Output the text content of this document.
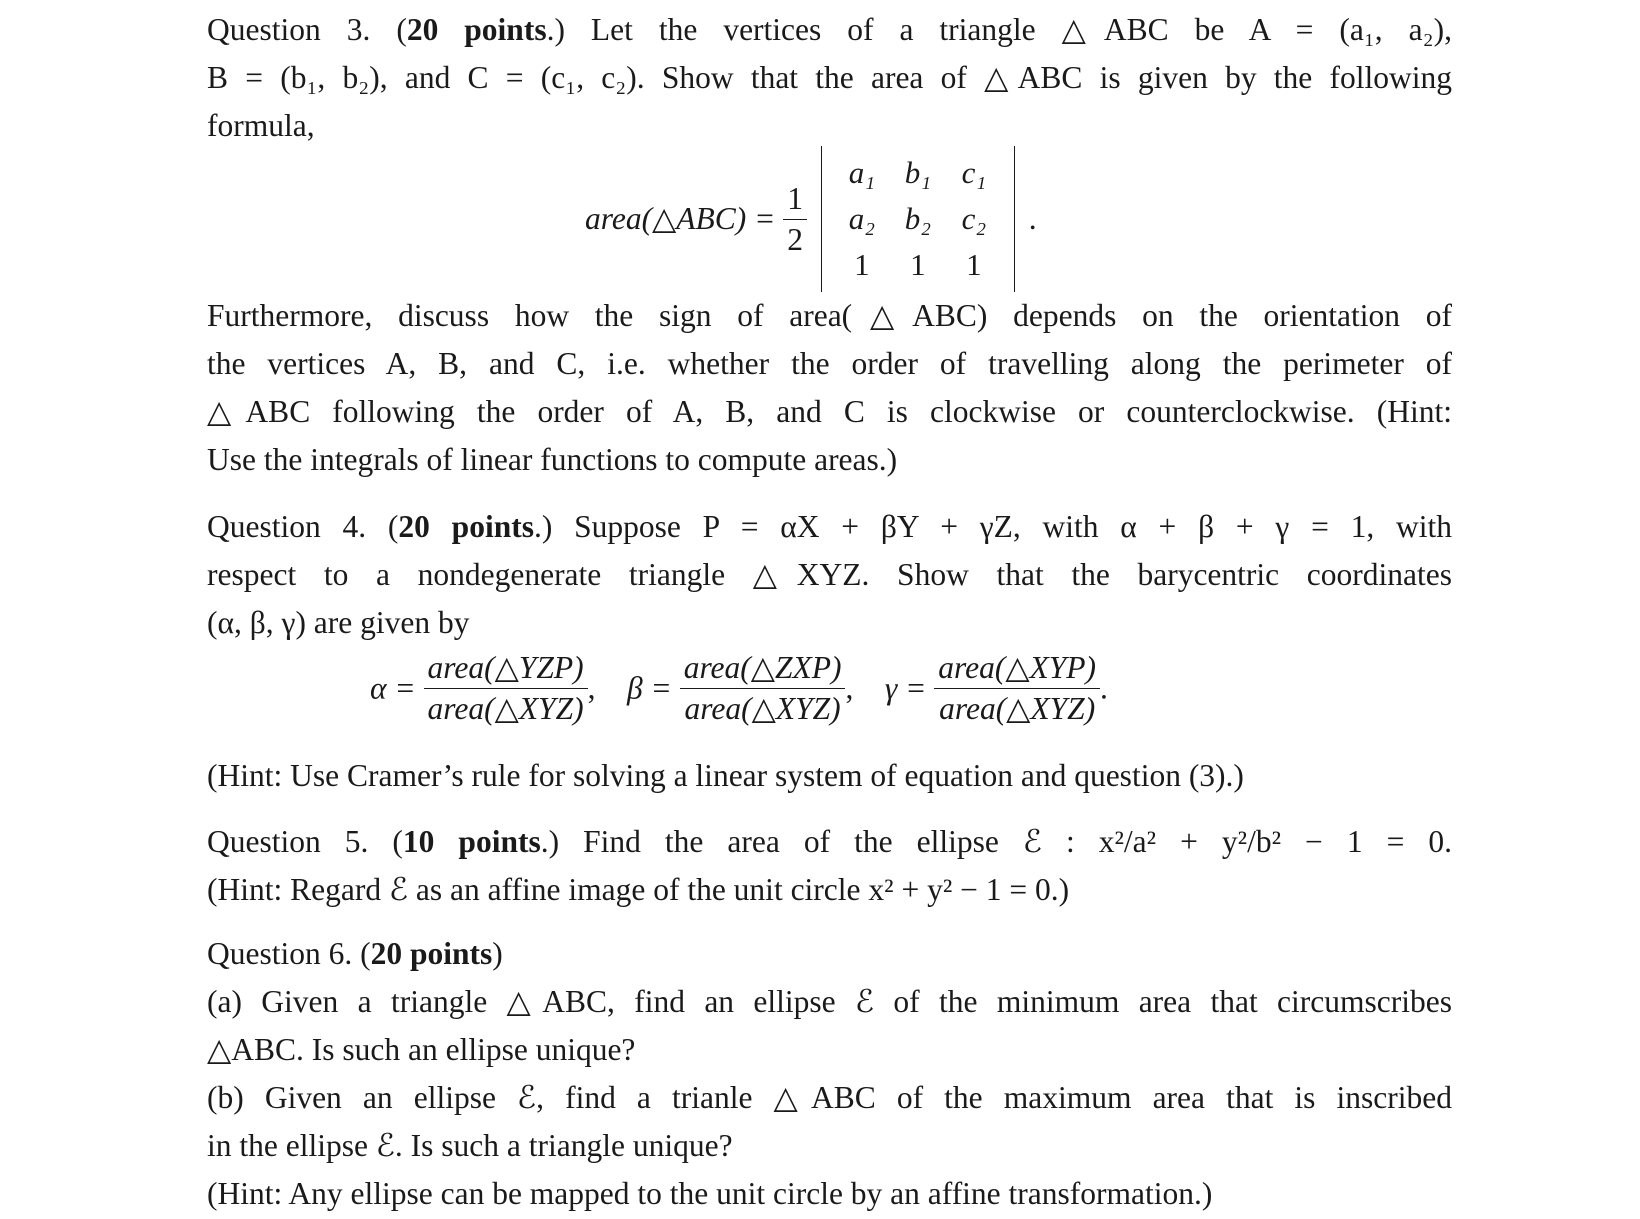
Question 3. (20 points.) Let the vertices of a triangle △ABC be A = (a₁, a₂),
B = (b₁, b₂), and C = (c₁, c₂). Show that the area of △ABC is given by the following
formula,
area(△ABC) = $\frac{1}{2}$

a₁	b₁	c₁
a₂	b₂	c₂
1	1	1
.
Furthermore, discuss how the sign of area(△ABC) depends on the orientation of
the vertices A, B, and C, i.e. whether the order of travelling along the perimeter of
△ABC following the order of A, B, and C is clockwise or counterclockwise. (Hint:
Use the integrals of linear functions to compute areas.)
Question 4. (20 points.) Suppose P = αX + βY + γZ, with α + β + γ = 1, with
respect to a nondegenerate triangle △XYZ. Show that the barycentric coordinates
(α, β, γ) are given by
$\alpha = \frac{\text{area(△YZP)}}{\text{area(△XYZ)}}$ ,    $\beta = \frac{\text{area(△ZXP)}}{\text{area(△XYZ)}}$ ,    $\gamma = \frac{\text{area(△XYP)}}{\text{area(△XYZ)}}$ .
(Hint: Use Cramer’s rule for solving a linear system of equation and question (3).)
Question 5. (10 points.) Find the area of the ellipse ℰ : x²/a² + y²/b² − 1 = 0.
(Hint: Regard ℰ as an affine image of the unit circle x² + y² − 1 = 0.)
Question 6. (20 points)
(a) Given a triangle △ABC, find an ellipse ℰ of the minimum area that circumscribes
△ABC. Is such an ellipse unique?
(b) Given an ellipse ℰ, find a trianle △ABC of the maximum area that is inscribed
in the ellipse ℰ. Is such a triangle unique?
(Hint: Any ellipse can be mapped to the unit circle by an affine transformation.)
